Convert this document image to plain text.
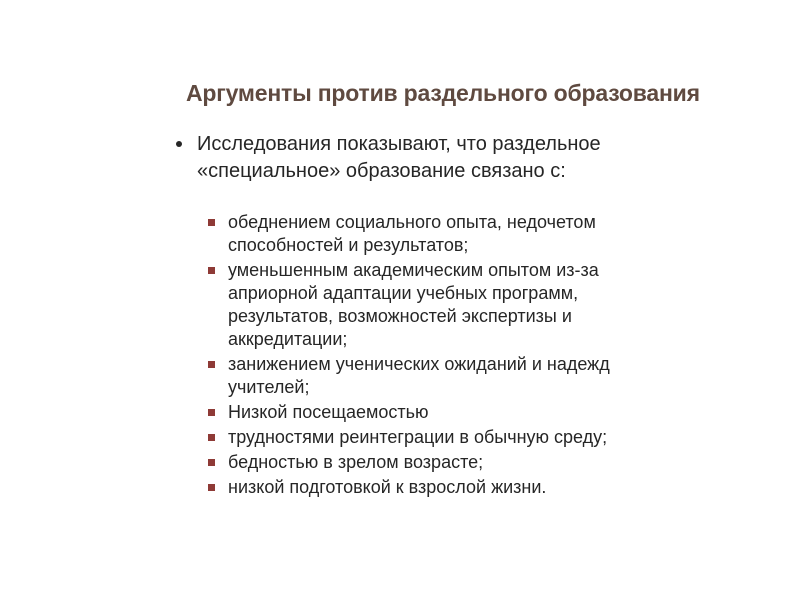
Аргументы против раздельного образования
Исследования показывают, что раздельное «специальное» образование связано с:
обеднением социального опыта, недочетом способностей и результатов;
уменьшенным академическим опытом из-за априорной адаптации учебных программ, результатов, возможностей экспертизы и аккредитации;
занижением ученических ожиданий и надежд учителей;
Низкой посещаемостью
трудностями реинтеграции в обычную среду;
бедностью в зрелом возрасте;
низкой подготовкой к взрослой жизни.
